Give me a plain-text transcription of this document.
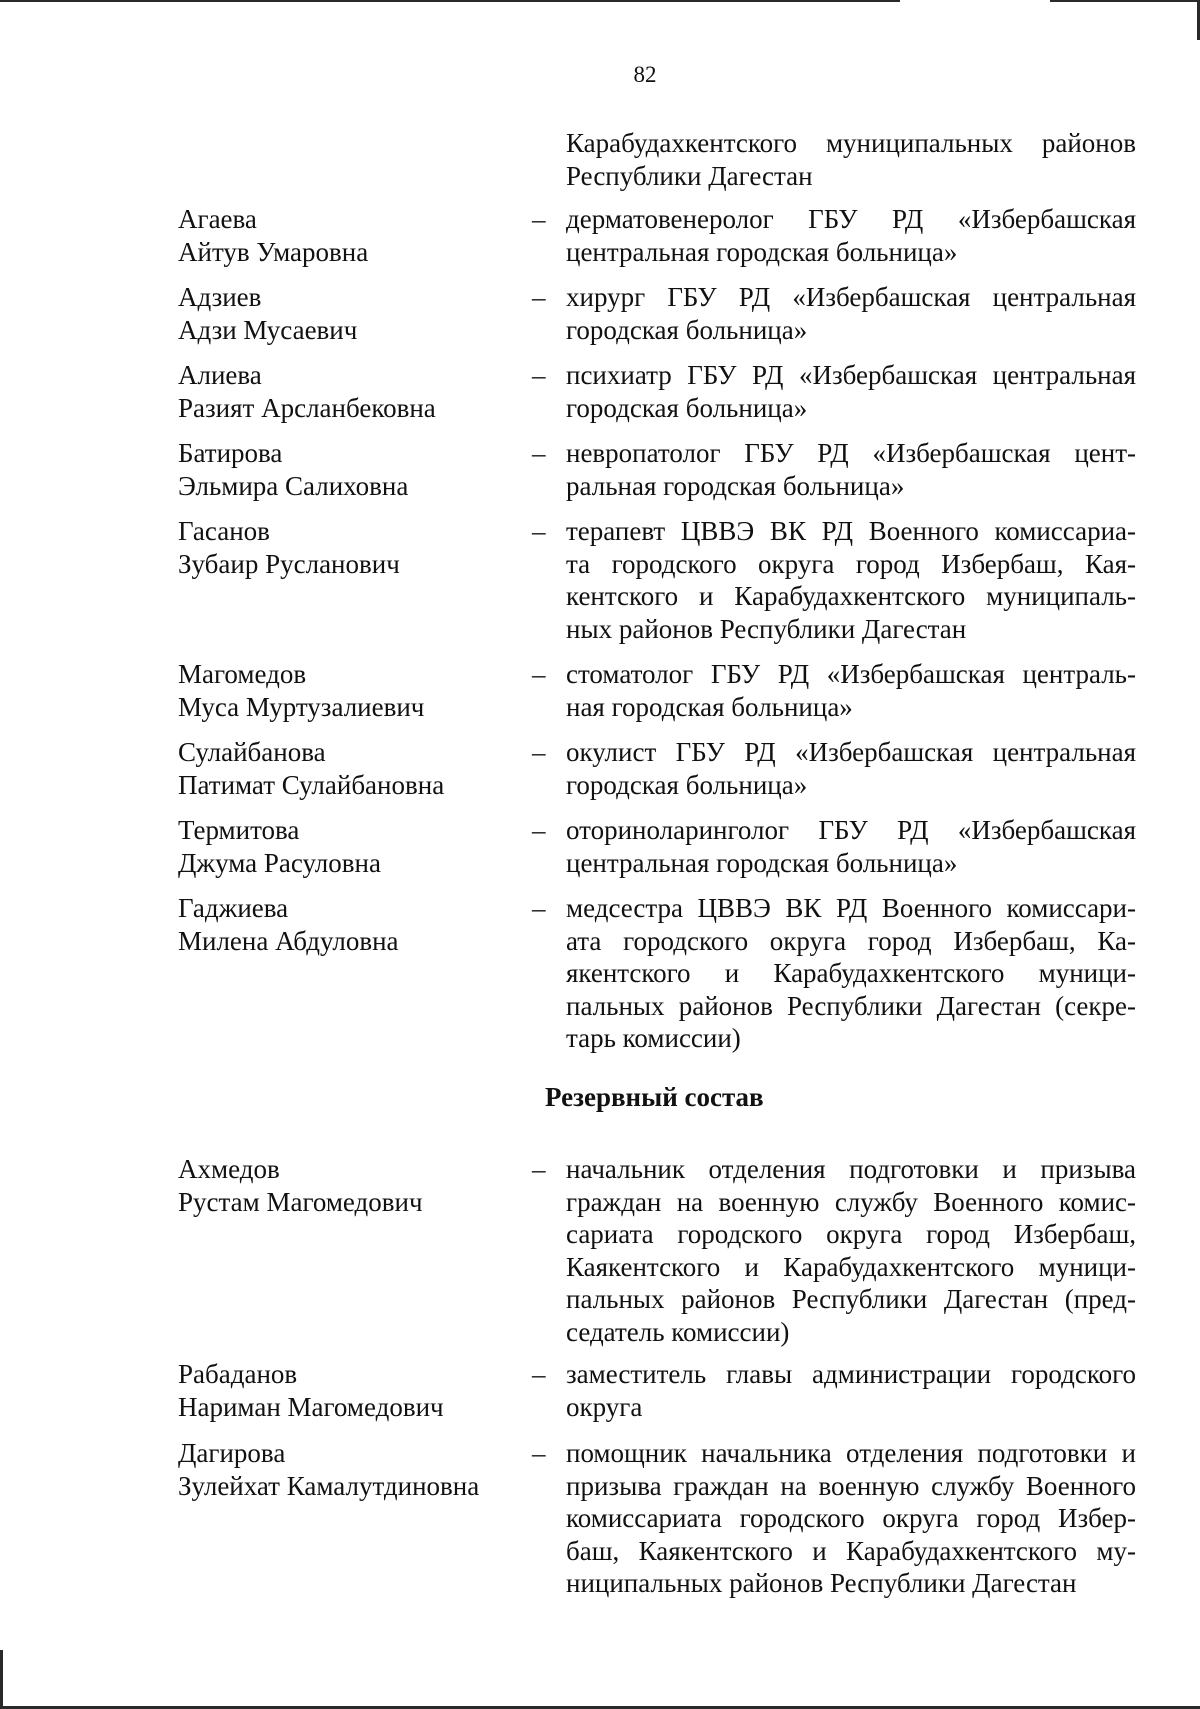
82
Карабудахкентского муниципальных районов
Республики Дагестан
Агаева
Айтув Умаровна
– дерматовенеролог ГБУ РД «Избербашская
центральная городская больница»
Адзиев
Адзи Мусаевич
– хирург ГБУ РД «Избербашская центральная
городская больница»
Алиева
Разият Арсланбековна
– психиатр ГБУ РД «Избербашская центральная
городская больница»
Батирова
Эльмира Салиховна
– невропатолог ГБУ РД «Избербашская цент-
ральная городская больница»
Гасанов
Зубаир Русланович
– терапевт ЦВВЭ ВК РД Военного комиссариа-
та городского округа город Избербаш, Кая-
кентского и Карабудахкентского муниципаль-
ных районов Республики Дагестан
Магомедов
Муса Муртузалиевич
– стоматолог ГБУ РД «Избербашская централь-
ная городская больница»
Сулайбанова
Патимат Сулайбановна
– окулист ГБУ РД «Избербашская центральная
городская больница»
Термитова
Джума Расуловна
– оториноларинголог ГБУ РД «Избербашская
центральная городская больница»
Гаджиева
Милена Абдуловна
– медсестра ЦВВЭ ВК РД Военного комиссари-
ата городского округа город Избербаш, Ка-
якентского и Карабудахкентского муници-
пальных районов Республики Дагестан (секре-
тарь комиссии)
Резервный состав
Ахмедов
Рустам Магомедович
– начальник отделения подготовки и призыва
граждан на военную службу Военного комис-
сариата городского округа город Избербаш,
Каякентского и Карабудахкентского муници-
пальных районов Республики Дагестан (пред-
седатель комиссии)
Рабаданов
Нариман Магомедович
– заместитель главы администрации городского
округа
Дагирова
Зулейхат Камалутдиновна
– помощник начальника отделения подготовки и
призыва граждан на военную службу Военного
комиссариата городского округа город Избер-
баш, Каякентского и Карабудахкентского му-
ниципальных районов Республики Дагестан
